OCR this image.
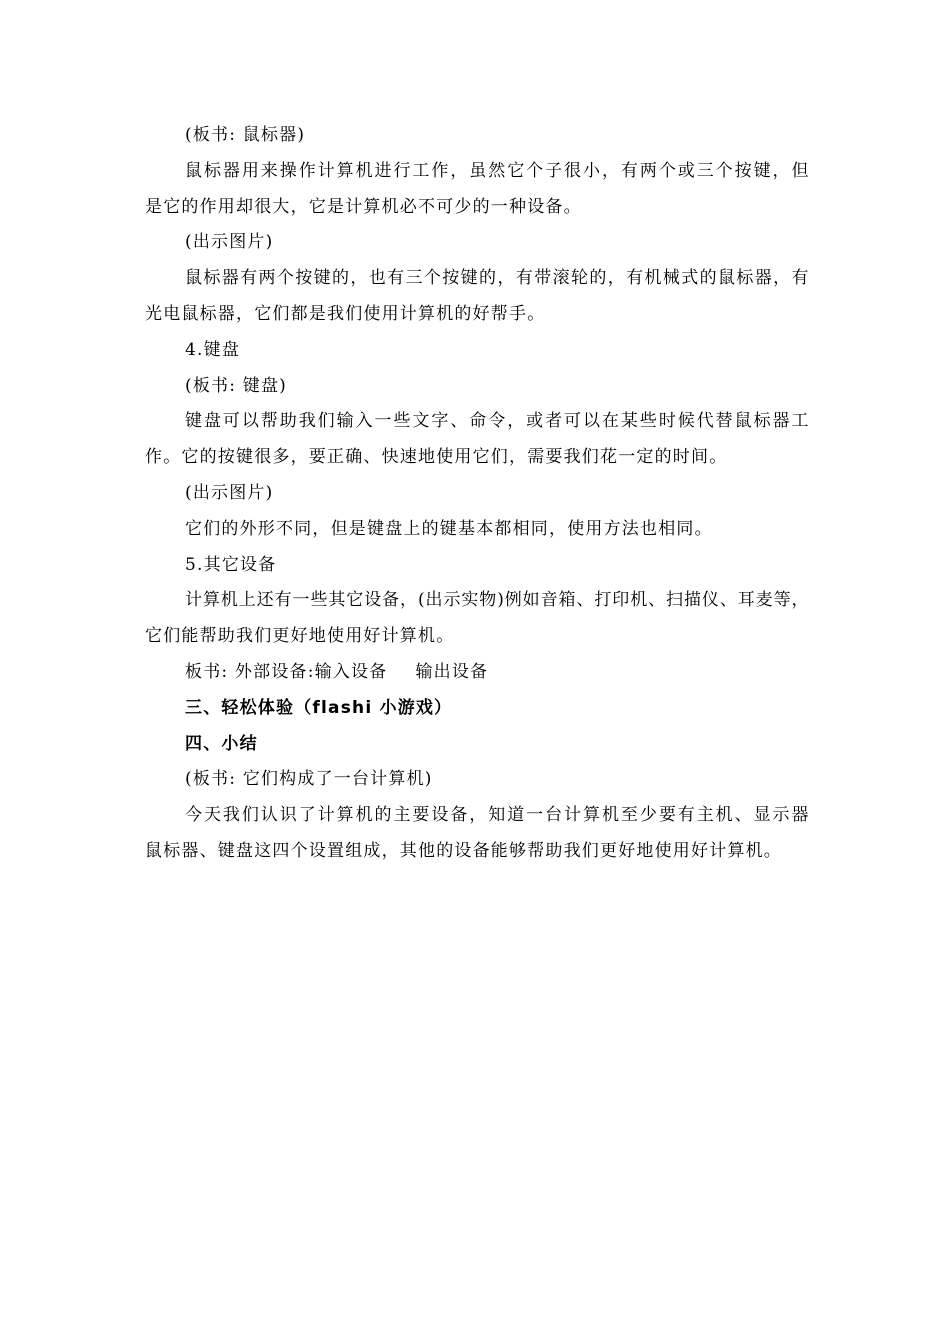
(板书: 鼠标器)
鼠标器用来操作计算机进行工作，虽然它个子很小，有两个或三个按键，但
是它的作用却很大，它是计算机必不可少的一种设备。
(出示图片)
鼠标器有两个按键的，也有三个按键的，有带滚轮的，有机械式的鼠标器，有
光电鼠标器，它们都是我们使用计算机的好帮手。
4.键盘
(板书: 键盘)
键盘可以帮助我们输入一些文字、命令，或者可以在某些时候代替鼠标器工
作。它的按键很多，要正确、快速地使用它们，需要我们花一定的时间。
(出示图片)
它们的外形不同，但是键盘上的键基本都相同，使用方法也相同。
5.其它设备
计算机上还有一些其它设备，(出示实物)例如音箱、打印机、扫描仪、耳麦等，
它们能帮助我们更好地使用好计算机。
板书: 外部设备:输入设备 输出设备
三、轻松体验（flashi 小游戏）
四、小结
(板书: 它们构成了一台计算机)
今天我们认识了计算机的主要设备，知道一台计算机至少要有主机、显示器
鼠标器、键盘这四个设置组成，其他的设备能够帮助我们更好地使用好计算机。
